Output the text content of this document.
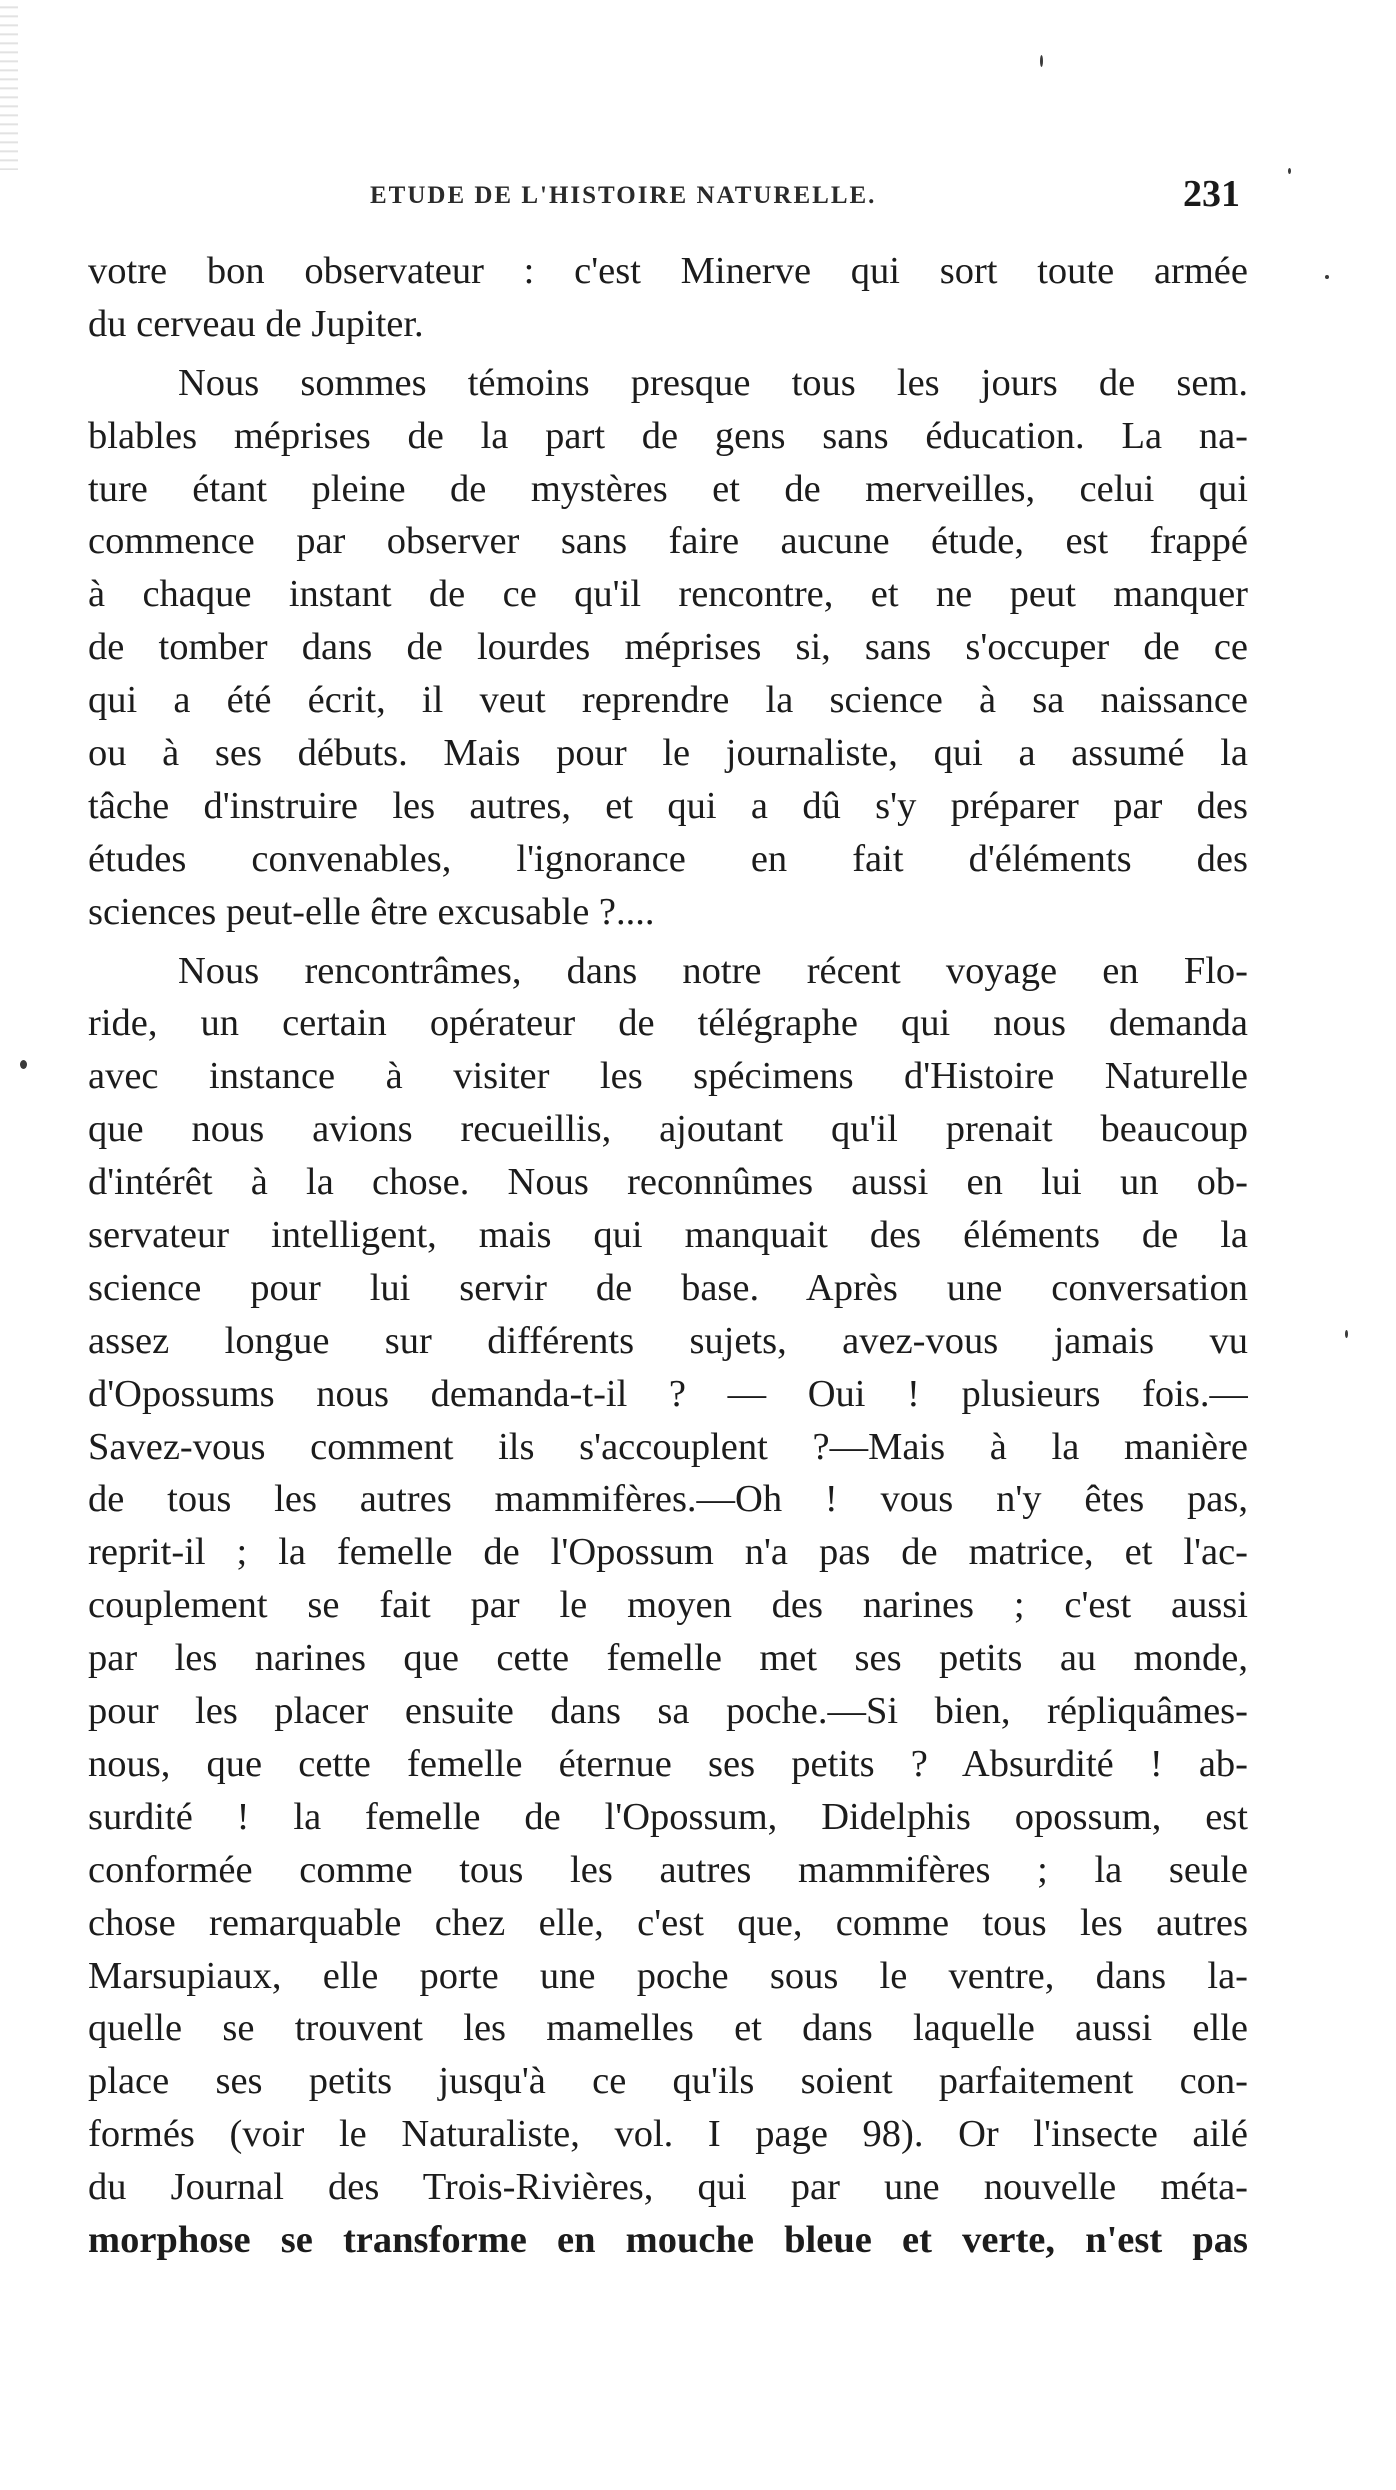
ETUDE DE L'HISTOIRE NATURELLE.	231
votre bon observateur : c'est Minerve qui sort toute armée
du cerveau de Jupiter.
Nous sommes témoins presque tous les jours de sem.
blables méprises de la part de gens sans éducation. La na-
ture étant pleine de mystères et de merveilles, celui qui
commence par observer sans faire aucune étude, est frappé
à chaque instant de ce qu'il rencontre, et ne peut manquer
de tomber dans de lourdes méprises si, sans s'occuper de ce
qui a été écrit, il veut reprendre la science à sa naissance
ou à ses débuts. Mais pour le journaliste, qui a assumé la
tâche d'instruire les autres, et qui a dû s'y préparer par des
études convenables, l'ignorance en fait d'éléments des
sciences peut-elle être excusable ?....
Nous rencontrâmes, dans notre récent voyage en Flo-
ride, un certain opérateur de télégraphe qui nous demanda
avec instance à visiter les spécimens d'Histoire Naturelle
que nous avions recueillis, ajoutant qu'il prenait beaucoup
d'intérêt à la chose. Nous reconnûmes aussi en lui un ob-
servateur intelligent, mais qui manquait des éléments de la
science pour lui servir de base. Après une conversation
assez longue sur différents sujets, avez-vous jamais vu
d'Opossums nous demanda-t-il ? — Oui ! plusieurs fois.—
Savez-vous comment ils s'accouplent ?—Mais à la manière
de tous les autres mammifères.—Oh ! vous n'y êtes pas,
reprit-il ; la femelle de l'Opossum n'a pas de matrice, et l'ac-
couplement se fait par le moyen des narines ; c'est aussi
par les narines que cette femelle met ses petits au monde,
pour les placer ensuite dans sa poche.—Si bien, répliquâmes-
nous, que cette femelle éternue ses petits ? Absurdité ! ab-
surdité ! la femelle de l'Opossum, Didelphis opossum, est
conformée comme tous les autres mammifères ; la seule
chose remarquable chez elle, c'est que, comme tous les autres
Marsupiaux, elle porte une poche sous le ventre, dans la-
quelle se trouvent les mamelles et dans laquelle aussi elle
place ses petits jusqu'à ce qu'ils soient parfaitement con-
formés (voir le Naturaliste, vol. I page 98). Or l'insecte ailé
du Journal des Trois-Rivières, qui par une nouvelle méta-
morphose se transforme en mouche bleue et verte, n'est pas
